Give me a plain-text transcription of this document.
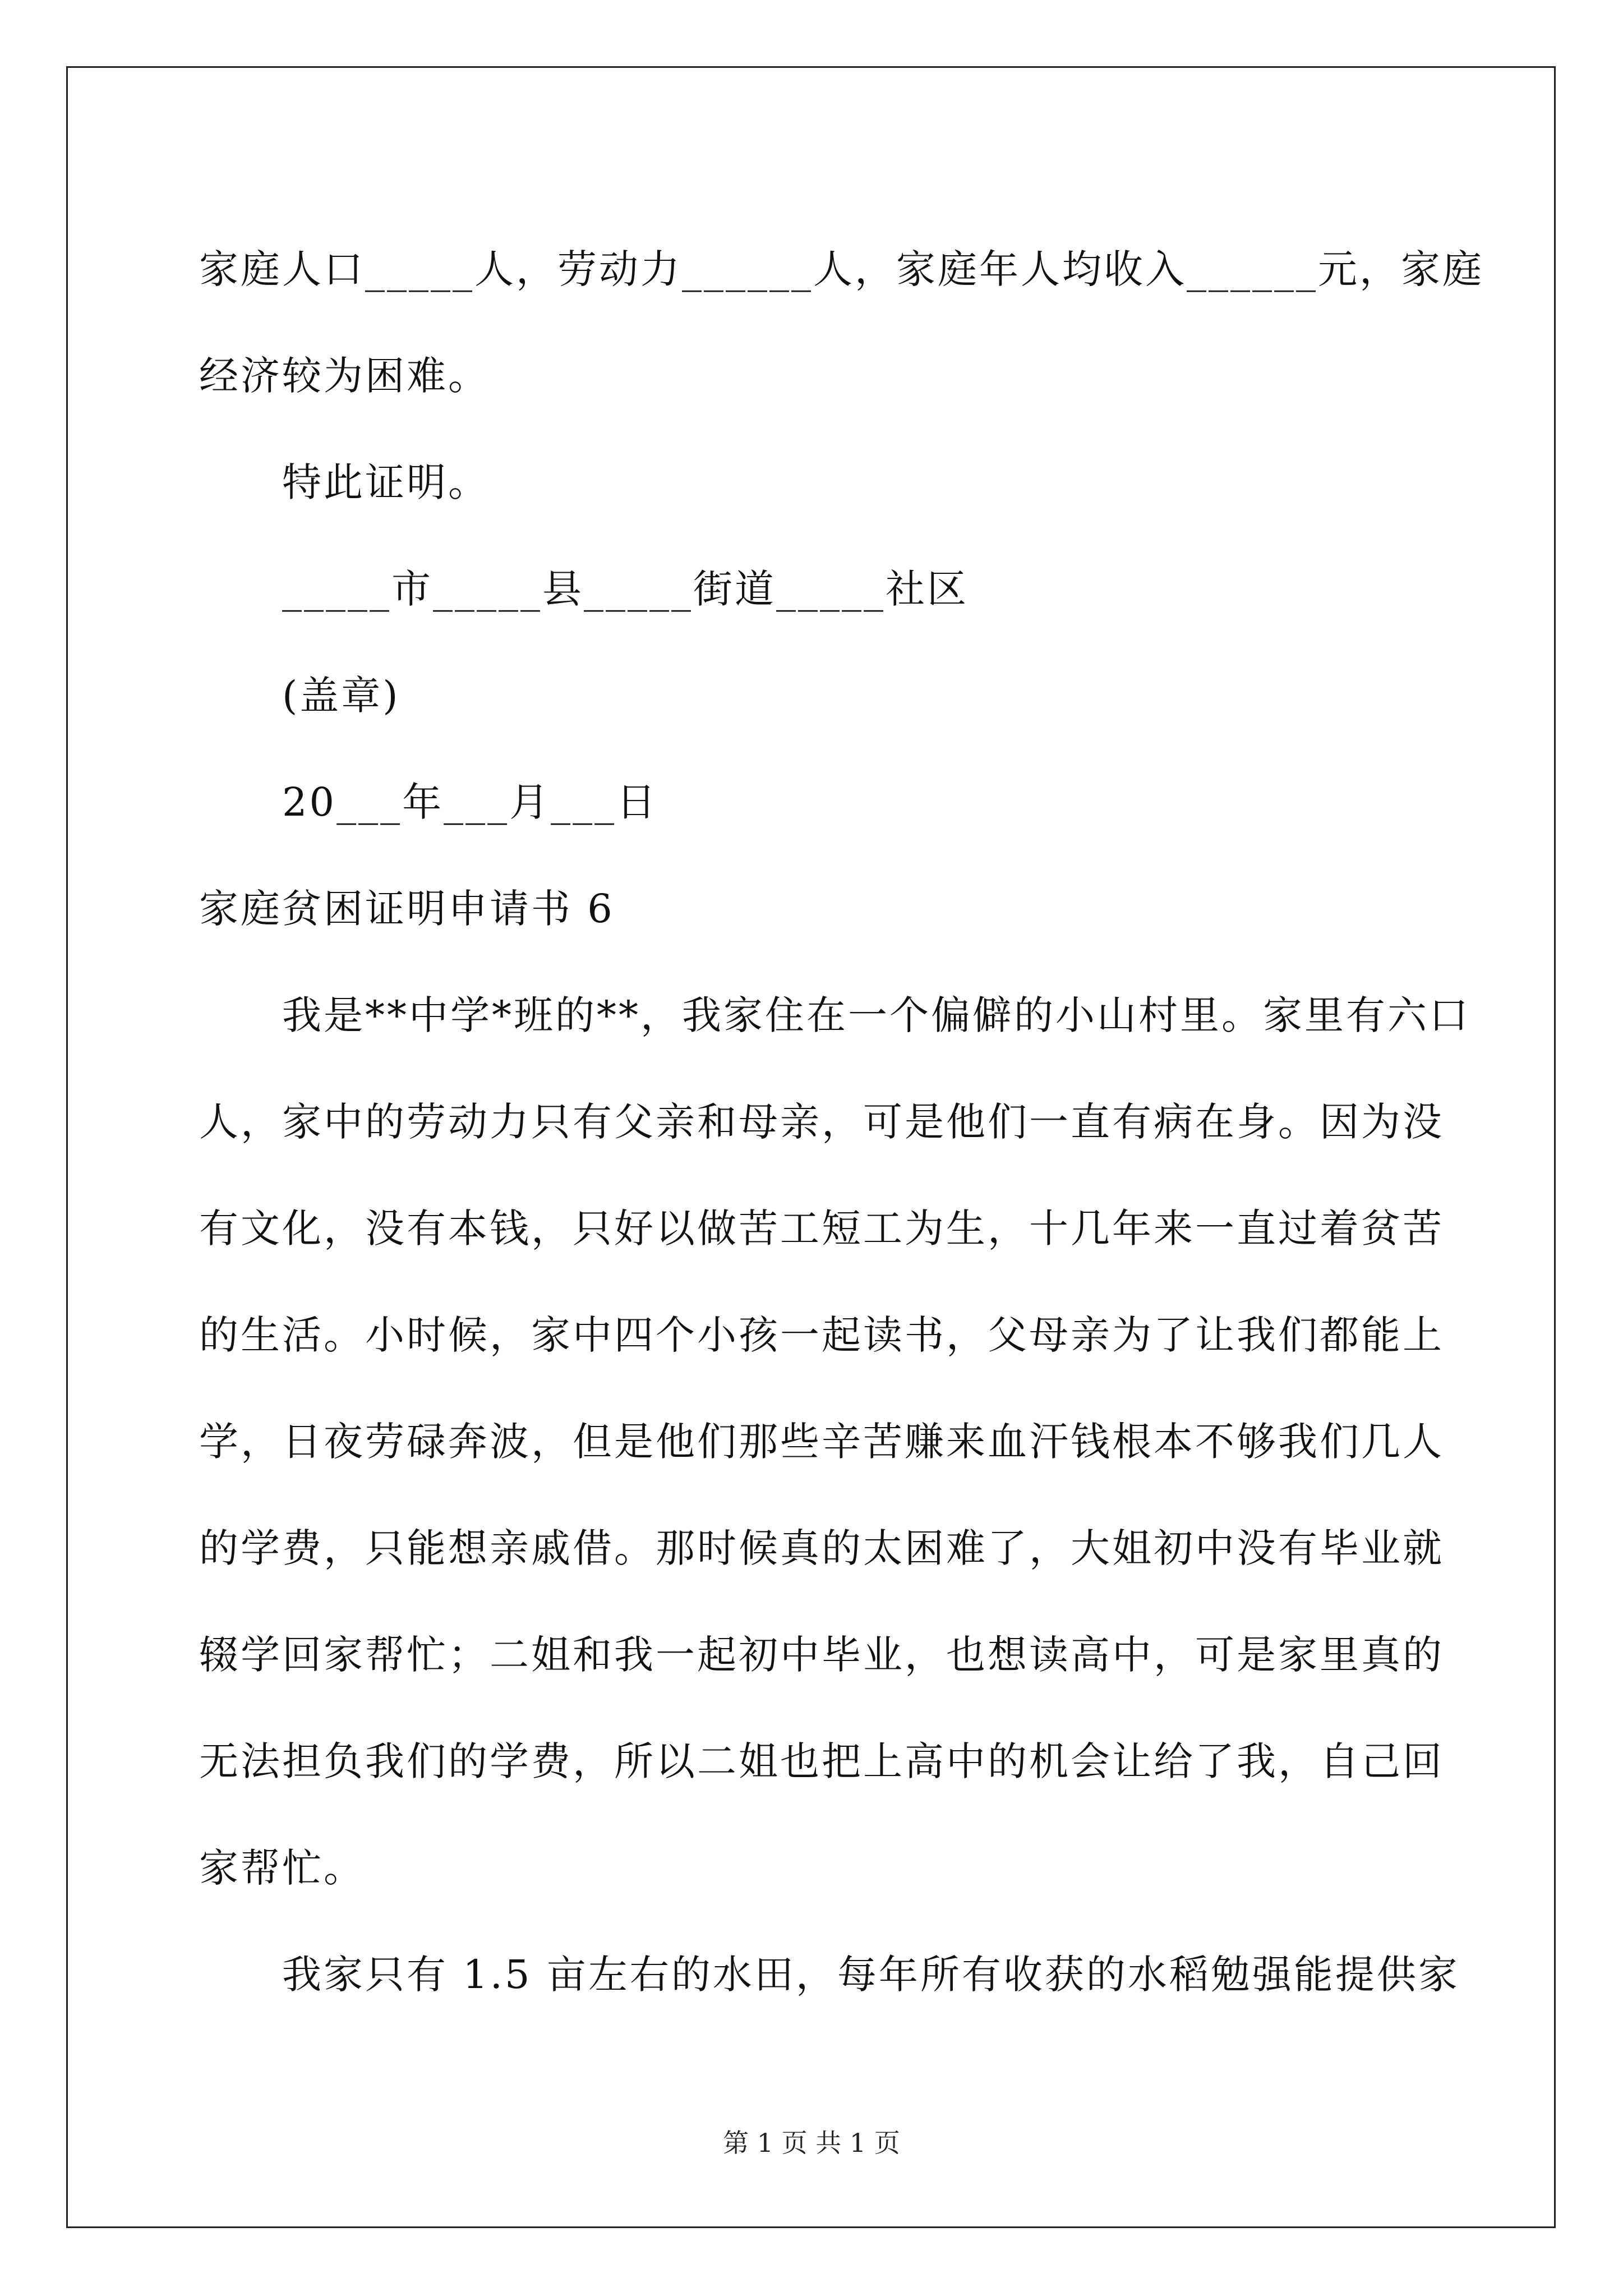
家庭人口_____人，劳动力______人，家庭年人均收入______元，家庭
经济较为困难。
特此证明。
_____市_____县_____街道_____社区
(盖章)
20___年___月___日
家庭贫困证明申请书 6
我是**中学*班的**，我家住在一个偏僻的小山村里。家里有六口
人，家中的劳动力只有父亲和母亲，可是他们一直有病在身。因为没
有文化，没有本钱，只好以做苦工短工为生，十几年来一直过着贫苦
的生活。小时候，家中四个小孩一起读书，父母亲为了让我们都能上
学，日夜劳碌奔波，但是他们那些辛苦赚来血汗钱根本不够我们几人
的学费，只能想亲戚借。那时候真的太困难了，大姐初中没有毕业就
辍学回家帮忙；二姐和我一起初中毕业，也想读高中，可是家里真的
无法担负我们的学费，所以二姐也把上高中的机会让给了我，自己回
家帮忙。
我家只有 1.5 亩左右的水田，每年所有收获的水稻勉强能提供家
第 1 页 共 1 页
